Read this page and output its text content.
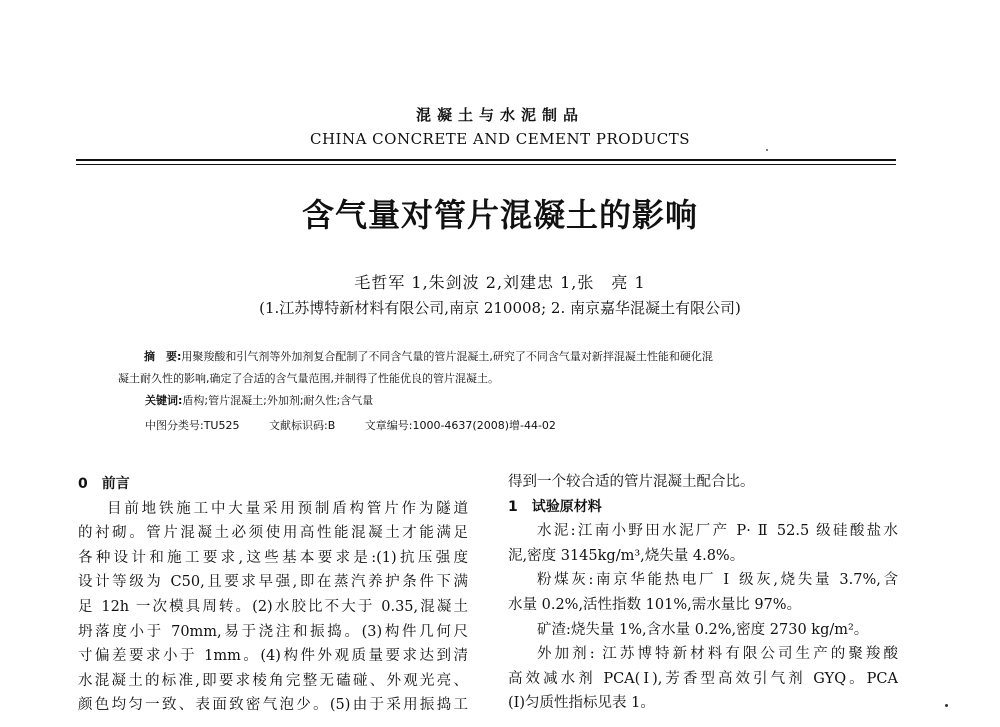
混凝土与水泥制品
CHINA CONCRETE AND CEMENT PRODUCTS
含气量对管片混凝土的影响
毛哲军 1,朱剑波 2,刘建忠 1,张　亮 1
(1.江苏博特新材料有限公司,南京 210008; 2. 南京嘉华混凝土有限公司)
摘　要:用聚羧酸和引气剂等外加剂复合配制了不同含气量的管片混凝土,研究了不同含气量对新拌混凝土性能和硬化混
凝土耐久性的影响,确定了合适的含气量范围,并制得了性能优良的管片混凝土。
关键词:盾构;管片混凝土;外加剂;耐久性;含气量
中图分类号:TU525	文献标识码:B	文章编号:1000-4637(2008)增-44-02
0 前言
目前地铁施工中大量采用预制盾构管片作为隧道
的衬砌。管片混凝土必须使用高性能混凝土才能满足
各种设计和施工要求,这些基本要求是:(1)抗压强度
设计等级为 C50,且要求早强,即在蒸汽养护条件下满
足 12h 一次模具周转。(2)水胶比不大于 0.35,混凝土
坍落度小于 70mm,易于浇注和振捣。(3)构件几何尺
寸偏差要求小于 1mm。(4)构件外观质量要求达到清
水混凝土的标准,即要求棱角完整无磕碰、外观光亮、
颜色均匀一致、表面致密气泡少。(5)由于采用振捣工
得到一个较合适的管片混凝土配合比。
1 试验原材料
水泥:江南小野田水泥厂产 P· Ⅱ 52.5 级硅酸盐水
泥,密度 3145kg/m³,烧失量 4.8%。
粉煤灰:南京华能热电厂 Ⅰ 级灰,烧失量 3.7%,含
水量 0.2%,活性指数 101%,需水量比 97%。
矿渣:烧失量 1%,含水量 0.2%,密度 2730 kg/m²。
外加剂: 江苏博特新材料有限公司生产的聚羧酸
高效减水剂 PCA(Ⅰ),芳香型高效引气剂 GYQ。PCA
(Ⅰ)匀质性指标见表 1。
